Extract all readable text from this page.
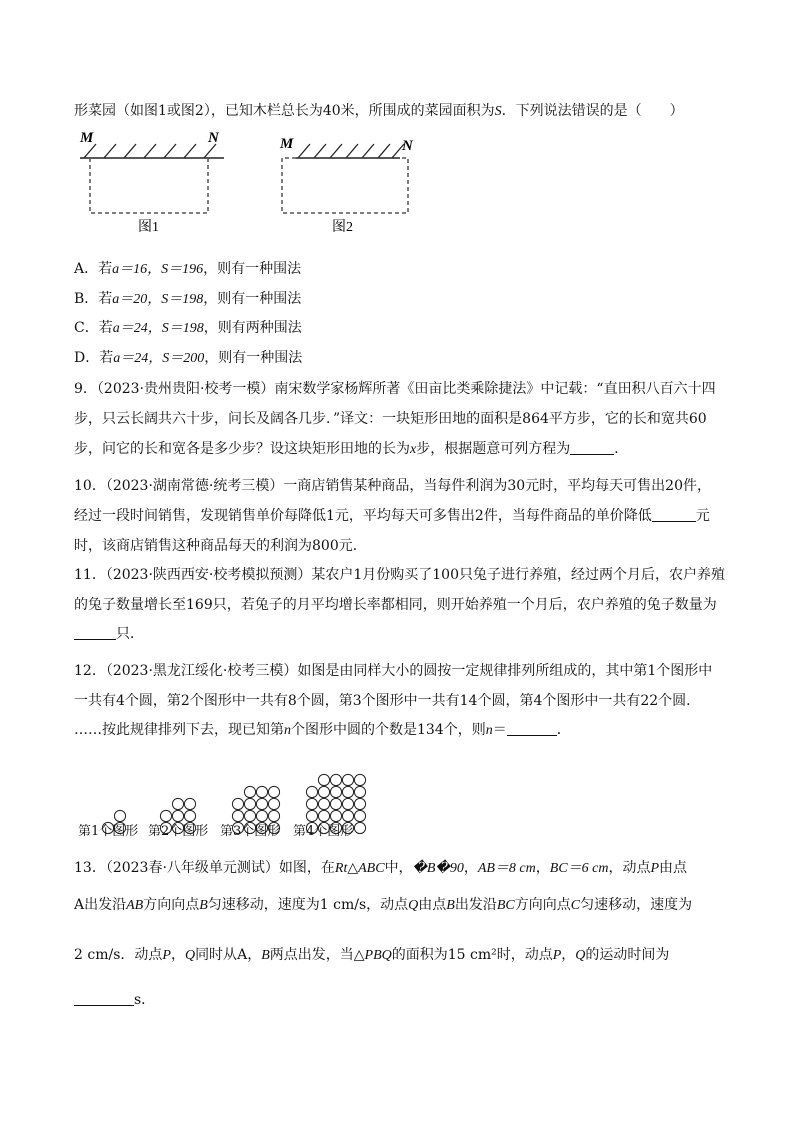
形菜园（如图1或图2），已知木栏总长为40米，所围成的菜园面积为S．下列说法错误的是（　　）
M	N
图1
M	N
图2
A．若a＝16，S＝196，则有一种围法
B．若a＝20，S＝198，则有一种围法
C．若a＝24，S＝198，则有两种围法
D．若a＝24，S＝200，则有一种围法
9．（2023·贵州贵阳·校考一模）南宋数学家杨辉所著《田亩比类乘除捷法》中记载：“直田积八百六十四
步，只云长阔共六十步，问长及阔各几步．”译文：一块矩形田地的面积是864平方步，它的长和宽共60
步，问它的长和宽各是多少步？设这块矩形田地的长为x步，根据题意可列方程为	．
10．（2023·湖南常德·统考三模）一商店销售某种商品，当每件利润为30元时，平均每天可售出20件，
经过一段时间销售，发现销售单价每降低1元，平均每天可多售出2件，当每件商品的单价降低	元
时，该商店销售这种商品每天的利润为800元．
11．（2023·陕西西安·校考模拟预测）某农户1月份购买了100只兔子进行养殖，经过两个月后，农户养殖
的兔子数量增长至169只，若兔子的月平均增长率都相同，则开始养殖一个月后，农户养殖的兔子数量为
只．
12．（2023·黑龙江绥化·校考三模）如图是由同样大小的圆按一定规律排列所组成的，其中第1个图形中
一共有4个圆，第2个图形中一共有8个圆，第3个图形中一共有14个圆，第4个图形中一共有22个圆．
……按此规律排列下去，现已知第n个图形中圆的个数是134个，则n＝	．
第1个图形 第2个图形 第3个图形 第4个图形
13．（2023春·八年级单元测试）如图，在Rt△ABC中，�B�90，AB＝8 cm，BC＝6 cm，动点P由点
A出发沿AB方向向点B匀速移动，速度为1 cm/s，动点Q由点B出发沿BC方向向点C匀速移动，速度为
2 cm/s．动点P，Q同时从A，B两点出发，当△PBQ的面积为15 cm²时，动点P，Q的运动时间为
s．
